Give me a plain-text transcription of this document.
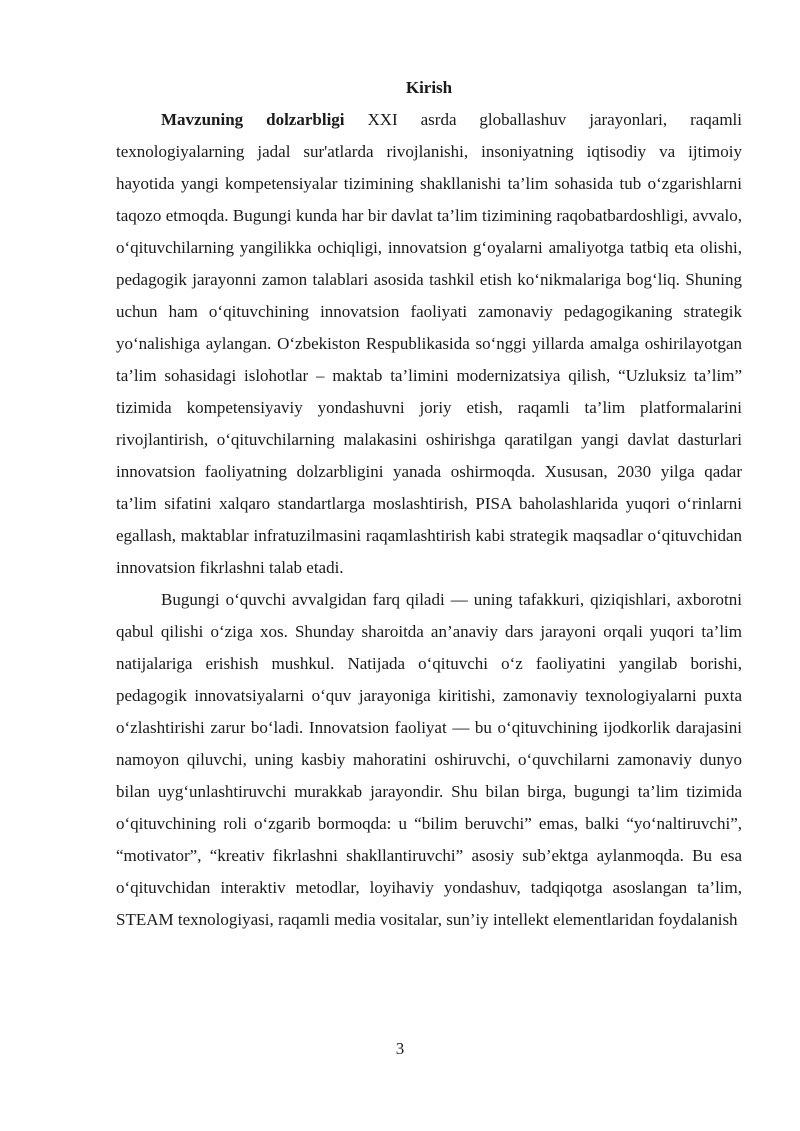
Kirish

Mavzuning dolzarbligi XXI asrda globallashuv jarayonlari, raqamli texnologiyalarning jadal sur'atlarda rivojlanishi, insoniyatning iqtisodiy va ijtimoiy hayotida yangi kompetensiyalar tizimining shakllanishi ta’lim sohasida tub o‘zgarishlarni taqozo etmoqda. Bugungi kunda har bir davlat ta’lim tizimining raqobatbardoshligi, avvalo, o‘qituvchilarning yangilikka ochiqligi, innovatsion g‘oyalarni amaliyotga tatbiq eta olishi, pedagogik jarayonni zamon talablari asosida tashkil etish ko‘nikmalariga bog‘liq. Shuning uchun ham o‘qituvchining innovatsion faoliyati zamonaviy pedagogikaning strategik yo‘nalishiga aylangan. O‘zbekiston Respublikasida so‘nggi yillarda amalga oshirilayotgan ta’lim sohasidagi islohotlar – maktab ta’limini modernizatsiya qilish, “Uzluksiz ta’lim” tizimida kompetensiyaviy yondashuvni joriy etish, raqamli ta’lim platformalarini rivojlantirish, o‘qituvchilarning malakasini oshirishga qaratilgan yangi davlat dasturlari innovatsion faoliyatning dolzarbligini yanada oshirmoqda. Xususan, 2030 yilga qadar ta’lim sifatini xalqaro standartlarga moslashtirish, PISA baholashlarida yuqori o‘rinlarni egallash, maktablar infratuzilmasini raqamlashtirish kabi strategik maqsadlar o‘qituvchidan innovatsion fikrlashni talab etadi.

Bugungi o‘quvchi avvalgidan farq qiladi — uning tafakkuri, qiziqishlari, axborotni qabul qilishi o‘ziga xos. Shunday sharoitda an’anaviy dars jarayoni orqali yuqori ta’lim natijalariga erishish mushkul. Natijada o‘qituvchi o‘z faoliyatini yangilab borishi, pedagogik innovatsiyalarni o‘quv jarayoniga kiritishi, zamonaviy texnologiyalarni puxta o‘zlashtirishi zarur bo‘ladi. Innovatsion faoliyat — bu o‘qituvchining ijodkorlik darajasini namoyon qiluvchi, uning kasbiy mahoratini oshiruvchi, o‘quvchilarni zamonaviy dunyo bilan uyg‘unlashtiruvchi murakkab jarayondir. Shu bilan birga, bugungi ta’lim tizimida o‘qituvchining roli o‘zgarib bormoqda: u “bilim beruvchi” emas, balki “yo‘naltiruvchi”, “motivator”, “kreativ fikrlashni shakllantiruvchi” asosiy sub’ektga aylanmoqda. Bu esa o‘qituvchidan interaktiv metodlar, loyihaviy yondashuv, tadqiqotga asoslangan ta’lim, STEAM texnologiyasi, raqamli media vositalar, sun’iy intellekt elementlaridan foydalanish

3
